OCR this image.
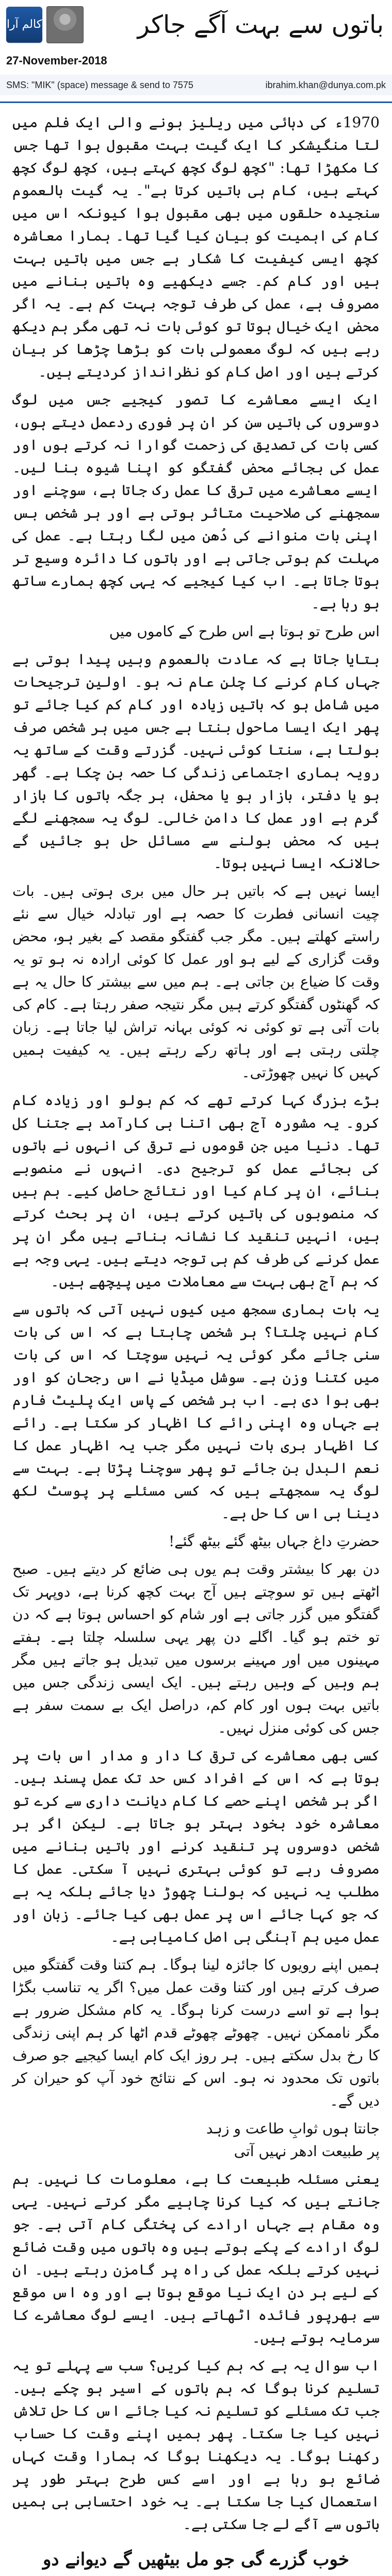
کالم آرا	باتوں سے بہت آگے جاکر
27-November-2018
SMS: "MIK" (space) message & send to 7575	ibrahim.khan@dunya.com.pk

1970ء کی دہائی میں ریلیز ہونے والی ایک فلم میں لتا منگیشکر کا ایک گیت بہت مقبول ہوا تھا جس کا مکھڑا تھا: "کچھ لوگ کچھ کہتے ہیں، کچھ لوگ کچھ کہتے ہیں، کام ہی باتیں کرتا ہے"۔ یہ گیت بالعموم سنجیدہ حلقوں میں بھی مقبول ہوا کیونکہ اس میں کام کی اہمیت کو بیان کیا گیا تھا۔ ہمارا معاشرہ کچھ ایسی کیفیت کا شکار ہے جس میں باتیں بہت ہیں اور کام کم۔ جسے دیکھیے وہ باتیں بنانے میں مصروف ہے، عمل کی طرف توجہ بہت کم ہے۔ یہ اگر محض ایک خیال ہوتا تو کوئی بات نہ تھی مگر ہم دیکھ رہے ہیں کہ لوگ معمولی بات کو بڑھا چڑھا کر بیان کرتے ہیں اور اصل کام کو نظرانداز کردیتے ہیں۔

ایک ایسے معاشرے کا تصور کیجیے جس میں لوگ دوسروں کی باتیں سن کر ان پر فوری ردعمل دیتے ہوں، کسی بات کی تصدیق کی زحمت گوارا نہ کرتے ہوں اور عمل کی بجائے محض گفتگو کو اپنا شیوہ بنا لیں۔ ایسے معاشرے میں ترقی کا عمل رک جاتا ہے، سوچنے اور سمجھنے کی صلاحیت متاثر ہوتی ہے اور ہر شخص بس اپنی بات منوانے کی دُھن میں لگا رہتا ہے۔ عمل کی مہلت کم ہوتی جاتی ہے اور باتوں کا دائرہ وسیع تر ہوتا جاتا ہے۔ اب کیا کیجیے کہ یہی کچھ ہمارے ساتھ ہو رہا ہے۔

اس طرح تو ہوتا ہے اس طرح کے کاموں میں

بتایا جاتا ہے کہ عادت بالعموم وہیں پیدا ہوتی ہے جہاں کام کرنے کا چلن عام نہ ہو۔ اولین ترجیحات میں شامل ہو کہ باتیں زیادہ اور کام کم کیا جائے تو پھر ایک ایسا ماحول بنتا ہے جس میں ہر شخص صرف بولتا ہے، سنتا کوئی نہیں۔ گزرتے وقت کے ساتھ یہ رویہ ہماری اجتماعی زندگی کا حصہ بن چکا ہے۔ گھر ہو یا دفتر، بازار ہو یا محفل، ہر جگہ باتوں کا بازار گرم ہے اور عمل کا دامن خالی۔ لوگ یہ سمجھنے لگے ہیں کہ محض بولنے سے مسائل حل ہو جائیں گے حالانکہ ایسا نہیں ہوتا۔

ایسا نہیں ہے کہ باتیں ہر حال میں بری ہوتی ہیں۔ بات چیت انسانی فطرت کا حصہ ہے اور تبادلہ خیال سے نئے راستے کھلتے ہیں۔ مگر جب گفتگو مقصد کے بغیر ہو، محض وقت گزاری کے لیے ہو اور عمل کا کوئی ارادہ نہ ہو تو یہ وقت کا ضیاع بن جاتی ہے۔ ہم میں سے بیشتر کا حال یہ ہے کہ گھنٹوں گفتگو کرتے ہیں مگر نتیجہ صفر رہتا ہے۔ کام کی بات آتی ہے تو کوئی نہ کوئی بہانہ تراش لیا جاتا ہے۔ زبان چلتی رہتی ہے اور ہاتھ رکے رہتے ہیں۔ یہ کیفیت ہمیں کہیں کا نہیں چھوڑتی۔

بڑے بزرگ کہا کرتے تھے کہ کم بولو اور زیادہ کام کرو۔ یہ مشورہ آج بھی اتنا ہی کارآمد ہے جتنا کل تھا۔ دنیا میں جن قوموں نے ترقی کی انہوں نے باتوں کی بجائے عمل کو ترجیح دی۔ انہوں نے منصوبے بنائے، ان پر کام کیا اور نتائج حاصل کیے۔ ہم ہیں کہ منصوبوں کی باتیں کرتے ہیں، ان پر بحث کرتے ہیں، انہیں تنقید کا نشانہ بناتے ہیں مگر ان پر عمل کرنے کی طرف کم ہی توجہ دیتے ہیں۔ یہی وجہ ہے کہ ہم آج بھی بہت سے معاملات میں پیچھے ہیں۔

یہ بات ہماری سمجھ میں کیوں نہیں آتی کہ باتوں سے کام نہیں چلتا؟ ہر شخص چاہتا ہے کہ اس کی بات سنی جائے مگر کوئی یہ نہیں سوچتا کہ اس کی بات میں کتنا وزن ہے۔ سوشل میڈیا نے اس رجحان کو اور بھی ہوا دی ہے۔ اب ہر شخص کے پاس ایک پلیٹ فارم ہے جہاں وہ اپنی رائے کا اظہار کر سکتا ہے۔ رائے کا اظہار بری بات نہیں مگر جب یہ اظہار عمل کا نعم البدل بن جائے تو پھر سوچنا پڑتا ہے۔ بہت سے لوگ یہ سمجھتے ہیں کہ کسی مسئلے پر پوسٹ لکھ دینا ہی اس کا حل ہے۔

حضرتِ داغ جہاں بیٹھ گئے بیٹھ گئے!

دن بھر کا بیشتر وقت ہم یوں ہی ضائع کر دیتے ہیں۔ صبح اٹھتے ہیں تو سوچتے ہیں آج بہت کچھ کرنا ہے، دوپہر تک گفتگو میں گزر جاتی ہے اور شام کو احساس ہوتا ہے کہ دن تو ختم ہو گیا۔ اگلے دن پھر یہی سلسلہ چلتا ہے۔ ہفتے مہینوں میں اور مہینے برسوں میں تبدیل ہو جاتے ہیں مگر ہم وہیں کے وہیں رہتے ہیں۔ ایک ایسی زندگی جس میں باتیں بہت ہوں اور کام کم، دراصل ایک بے سمت سفر ہے جس کی کوئی منزل نہیں۔

کسی بھی معاشرے کی ترقی کا دار و مدار اس بات پر ہوتا ہے کہ اس کے افراد کس حد تک عمل پسند ہیں۔ اگر ہر شخص اپنے حصے کا کام دیانت داری سے کرے تو معاشرہ خود بخود بہتر ہو جاتا ہے۔ لیکن اگر ہر شخص دوسروں پر تنقید کرنے اور باتیں بنانے میں مصروف رہے تو کوئی بہتری نہیں آ سکتی۔ عمل کا مطلب یہ نہیں کہ بولنا چھوڑ دیا جائے بلکہ یہ ہے کہ جو کہا جائے اس پر عمل بھی کیا جائے۔ زبان اور عمل میں ہم آہنگی ہی اصل کامیابی ہے۔

ہمیں اپنے رویوں کا جائزہ لینا ہوگا۔ ہم کتنا وقت گفتگو میں صرف کرتے ہیں اور کتنا وقت عمل میں؟ اگر یہ تناسب بگڑا ہوا ہے تو اسے درست کرنا ہوگا۔ یہ کام مشکل ضرور ہے مگر ناممکن نہیں۔ چھوٹے چھوٹے قدم اٹھا کر ہم اپنی زندگی کا رخ بدل سکتے ہیں۔ ہر روز ایک کام ایسا کیجیے جو صرف باتوں تک محدود نہ ہو۔ اس کے نتائج خود آپ کو حیران کر دیں گے۔

جانتا ہوں ثوابِ طاعت و زہد
پر طبیعت ادھر نہیں آتی

یعنی مسئلہ طبیعت کا ہے، معلومات کا نہیں۔ ہم جانتے ہیں کہ کیا کرنا چاہیے مگر کرتے نہیں۔ یہی وہ مقام ہے جہاں ارادے کی پختگی کام آتی ہے۔ جو لوگ ارادے کے پکے ہوتے ہیں وہ باتوں میں وقت ضائع نہیں کرتے بلکہ عمل کی راہ پر گامزن رہتے ہیں۔ ان کے لیے ہر دن ایک نیا موقع ہوتا ہے اور وہ اس موقع سے بھرپور فائدہ اٹھاتے ہیں۔ ایسے لوگ معاشرے کا سرمایہ ہوتے ہیں۔

اب سوال یہ ہے کہ ہم کیا کریں؟ سب سے پہلے تو یہ تسلیم کرنا ہوگا کہ ہم باتوں کے اسیر ہو چکے ہیں۔ جب تک مسئلے کو تسلیم نہ کیا جائے اس کا حل تلاش نہیں کیا جا سکتا۔ پھر ہمیں اپنے وقت کا حساب رکھنا ہوگا۔ یہ دیکھنا ہوگا کہ ہمارا وقت کہاں ضائع ہو رہا ہے اور اسے کس طرح بہتر طور پر استعمال کیا جا سکتا ہے۔ یہ خود احتسابی ہی ہمیں باتوں سے آگے لے جا سکتی ہے۔

خوب گزرے گی جو مل بیٹھیں گے دیوانے دو
